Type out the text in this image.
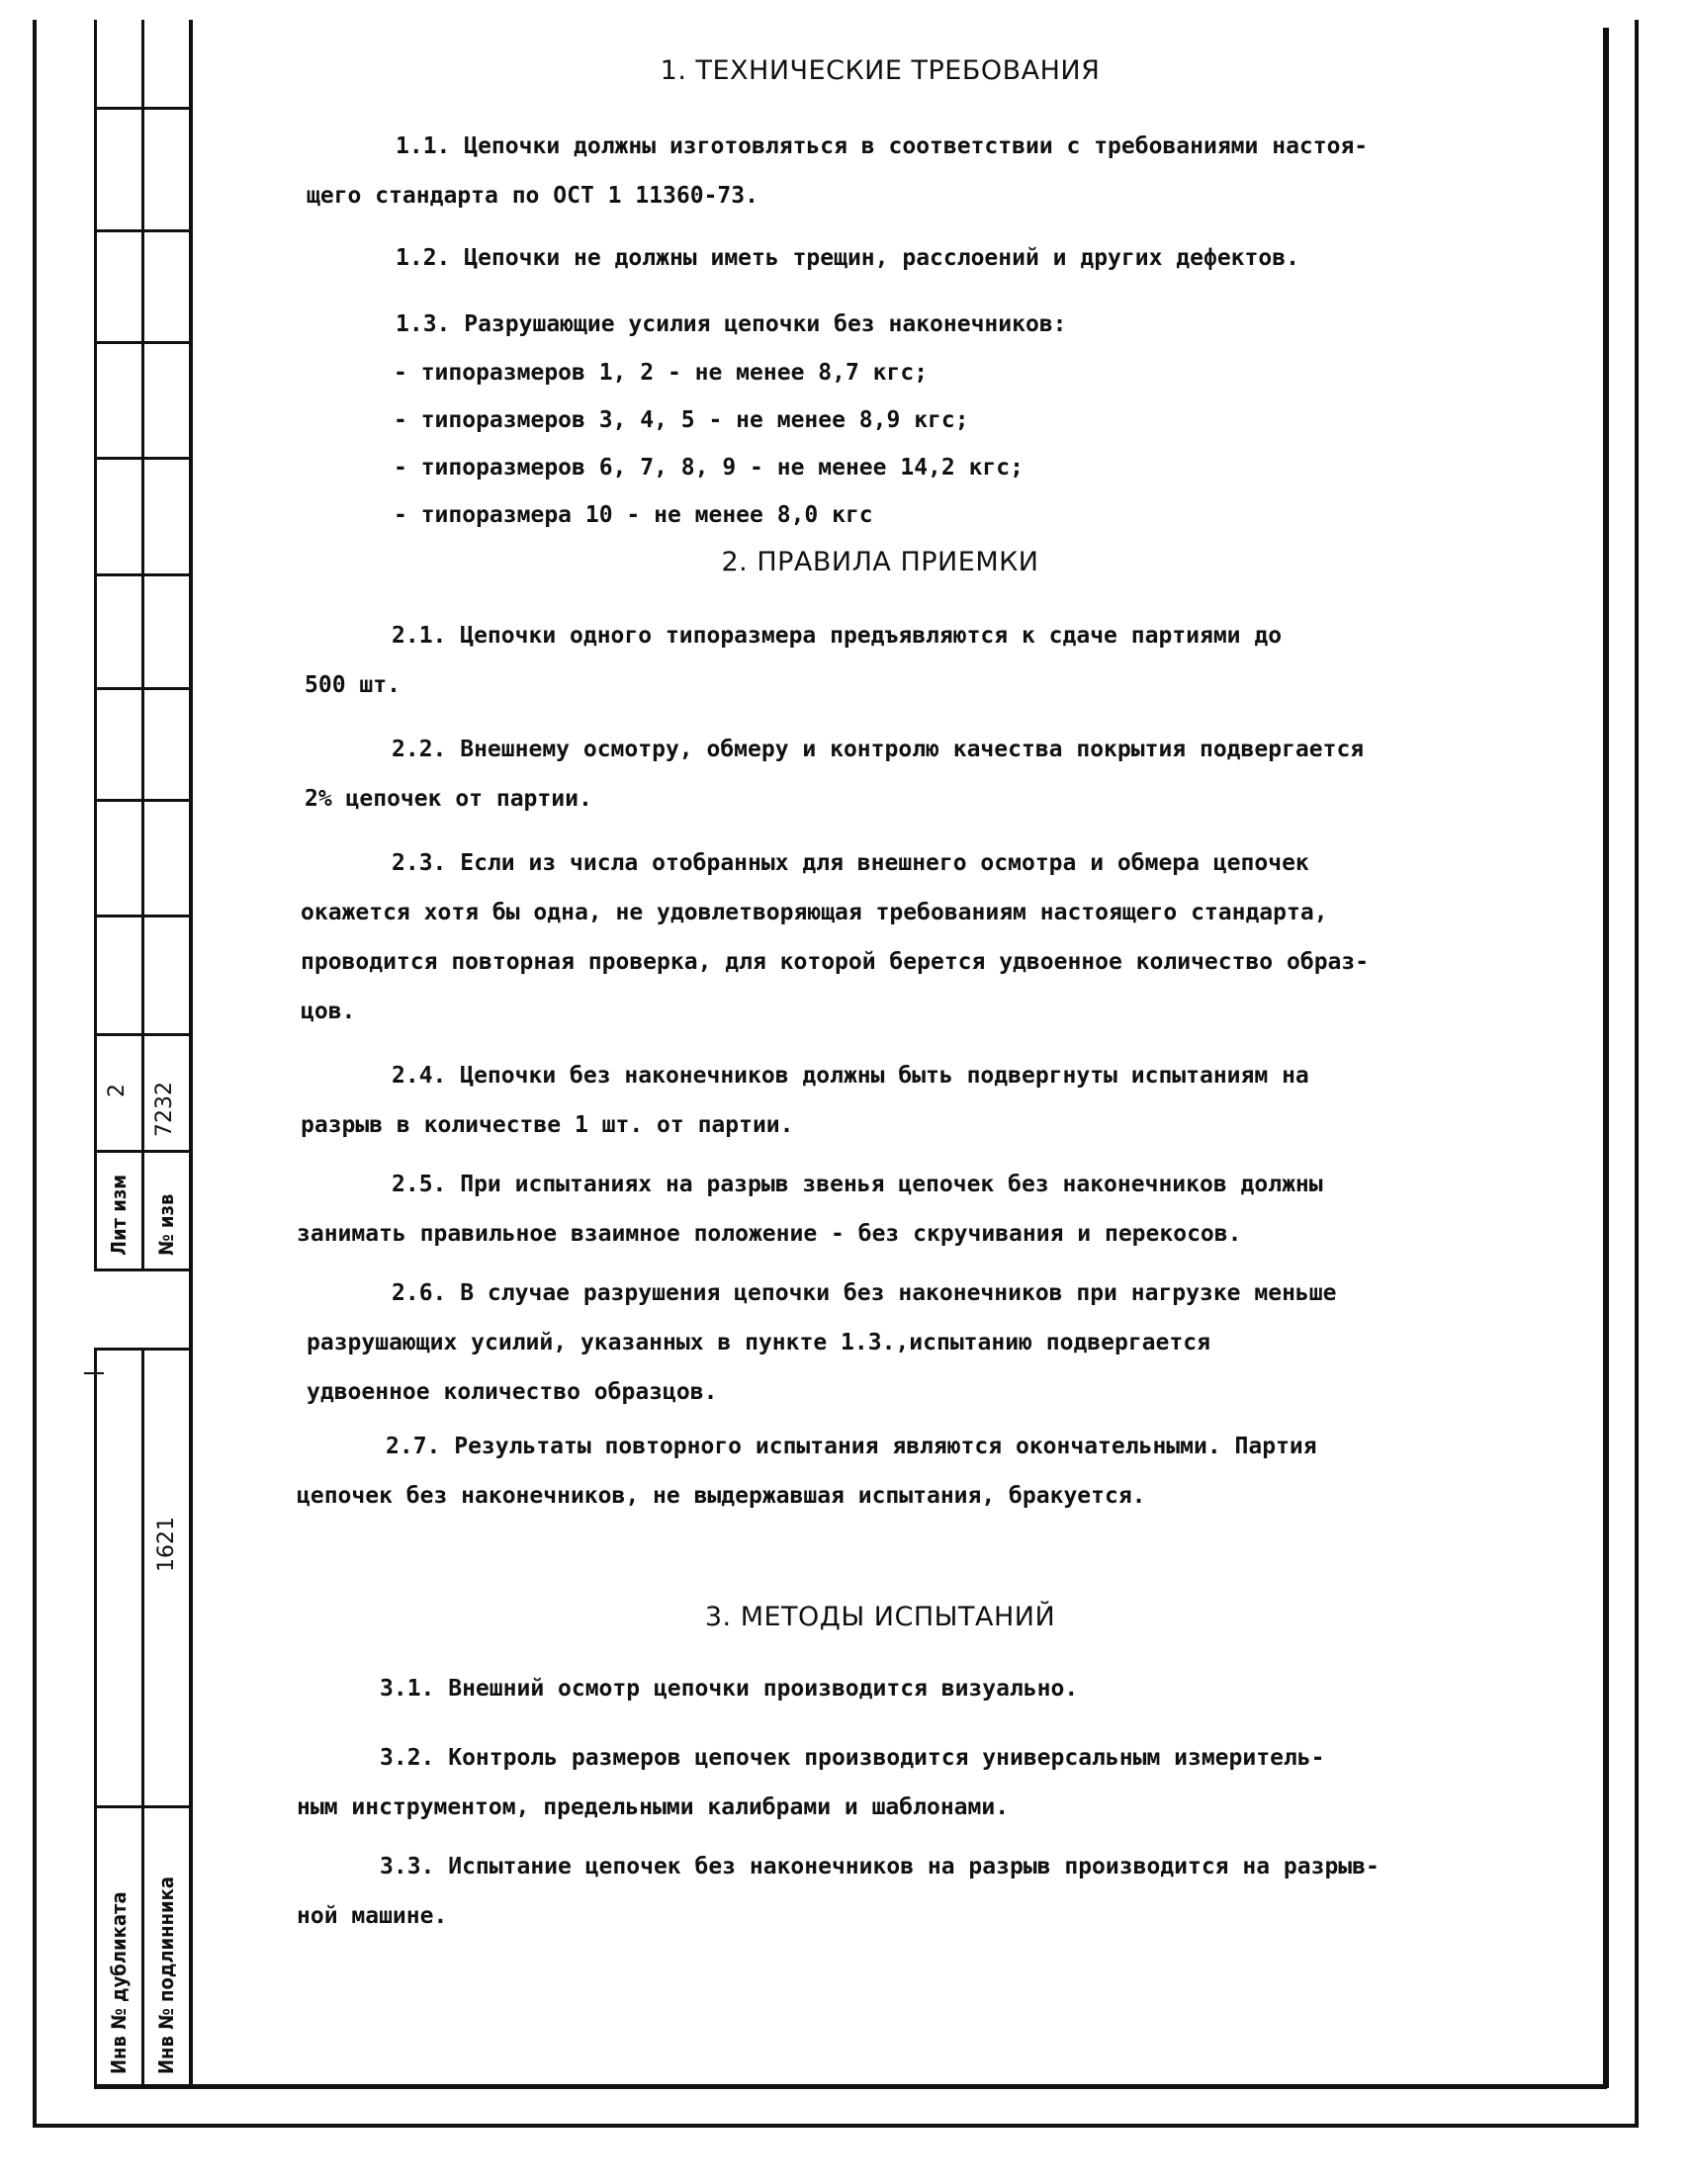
2 7232
Лит изм № изв
1621
Инв № дубликата Инв № подлинника
1. ТЕХНИЧЕСКИЕ ТРЕБОВАНИЯ

1.1. Цепочки должны изготовляться в соответствии с требованиями настоя-

щего стандарта по ОСТ 1 11360-73.

1.2. Цепочки не должны иметь трещин, расслоений и других дефектов.

1.3. Разрушающие усилия цепочки без наконечников:

- типоразмеров 1, 2 - не менее 8,7 кгс;

- типоразмеров 3, 4, 5 - не менее 8,9 кгс;

- типоразмеров 6, 7, 8, 9 - не менее 14,2 кгс;

- типоразмера 10 - не менее 8,0 кгс

2. ПРАВИЛА ПРИЕМКИ

2.1. Цепочки одного типоразмера предъявляются к сдаче партиями до

500 шт.

2.2. Внешнему осмотру, обмеру и контролю качества покрытия подвергается

2% цепочек от партии.

2.3. Если из числа отобранных для внешнего осмотра и обмера цепочек

окажется хотя бы одна, не удовлетворяющая требованиям настоящего стандарта,

проводится повторная проверка, для которой берется удвоенное количество образ-

цов.

2.4. Цепочки без наконечников должны быть подвергнуты испытаниям на

разрыв в количестве 1 шт. от партии.

2.5. При испытаниях на разрыв звенья цепочек без наконечников должны

занимать правильное взаимное положение - без скручивания и перекосов.

2.6. В случае разрушения цепочки без наконечников при нагрузке меньше

разрушающих усилий, указанных в пункте 1.3.,испытанию подвергается

удвоенное количество образцов.

2.7. Результаты повторного испытания являются окончательными. Партия

цепочек без наконечников, не выдержавшая испытания, бракуется.

3. МЕТОДЫ ИСПЫТАНИЙ

3.1. Внешний осмотр цепочки производится визуально.

3.2. Контроль размеров цепочек производится универсальным измеритель-

ным инструментом, предельными калибрами и шаблонами.

3.3. Испытание цепочек без наконечников на разрыв производится на разрыв-

ной машине.
